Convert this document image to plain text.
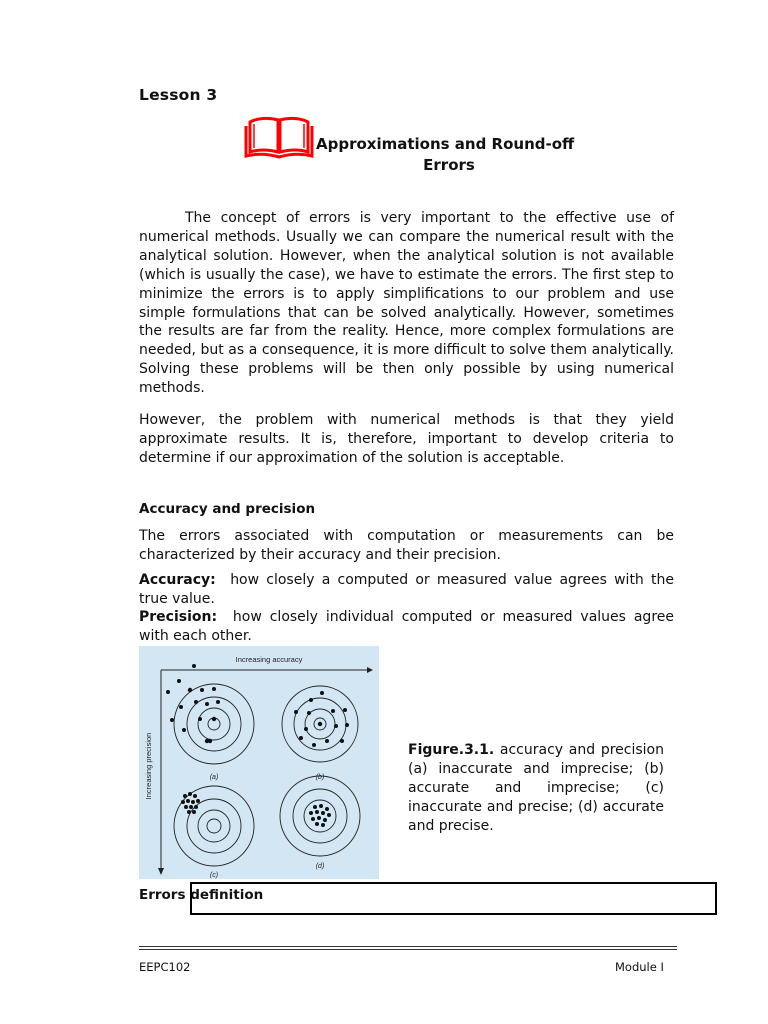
Lesson 3
Approximations and Round-off
Errors
The concept of errors is very important to the effective use of numerical methods. Usually we can compare the numerical result with the analytical solution. However, when the analytical solution is not available (which is usually the case), we have to estimate the errors. The first step to minimize the errors is to apply simplifications to our problem and use simple formulations that can be solved analytically. However, sometimes the results are far from the reality. Hence, more complex formulations are needed, but as a consequence, it is more difficult to solve them analytically. Solving these problems will be then only possible by using numerical methods.
However, the problem with numerical methods is that they yield approximate results. It is, therefore, important to develop criteria to determine if our approximation of the solution is acceptable.
Accuracy and precision
The errors associated with computation or measurements can be characterized by their accuracy and their precision.
Accuracy: how closely a computed or measured value agrees with the true value.
Precision: how closely individual computed or measured values agree with each other.
Increasing accuracy
Increasing precision	(a)	(b)
(c)
(d)
Figure.3.1. accuracy and precision (a) inaccurate and imprecise; (b) accurate and imprecise; (c) inaccurate and precise; (d) accurate and precise.
Errors definition
EEPC102	Module I
